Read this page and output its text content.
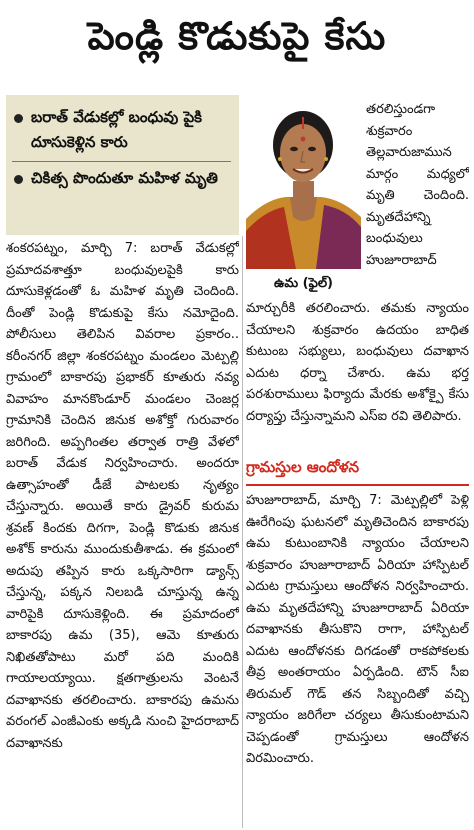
పెండ్లి కొడుకుపై కేసు
బరాత్ వేడుకల్లో బంధువు పైకి దూసుకెళ్లిన కారు
చికిత్స పొందుతూ మహిళ మృతి
ఉమ (ఫైల్)

తరలిస్తుండగా శుక్రవారం తెల్లవారుజామున మార్గం మధ్యలో మృతి చెందింది. మృతదేహాన్ని బంధువులు హుజూరాబాద్

మార్చురీకి తరలించారు. తమకు న్యాయం చేయాలని శుక్రవారం ఉదయం బాధిత కుటుంబ సభ్యులు, బంధువులు దవాఖాన ఎదుట ధర్నా చేశారు. ఉమ భర్త పరశురాములు ఫిర్యాదు మేరకు అశోక్పై కేసు దర్యాప్తు చేస్తున్నామని ఎస్ఐ రవి తెలిపారు.

గ్రామస్తుల ఆందోళన

హుజూరాబాద్, మార్చి 7: మెట్పల్లిలో పెళ్లి ఊరేగింపు ఘటనలో మృతిచెందిన బాకారపు ఉమ కుటుంబానికి న్యాయం చేయాలని శుక్రవారం హుజూరాబాద్ ఏరియా హాస్పిటల్ ఎదుట గ్రామస్తులు ఆందోళన నిర్వహించారు. ఉమ మృతదేహాన్ని హుజూరాబాద్ ఏరియా దవాఖానకు తీసుకొని రాగా, హాస్పిటల్ ఎదుట ఆందోళనకు దిగడంతో రాకపోకలకు తీవ్ర అంతరాయం ఏర్పడింది. టౌన్ సీఐ తిరుమల్ గౌడ్ తన సిబ్బందితో వచ్చి న్యాయం జరిగేలా చర్యలు తీసుకుంటామని చెప్పడంతో గ్రామస్తులు ఆందోళన విరమించారు.

శంకరపట్నం, మార్చి 7: బరాత్ వేడుకల్లో ప్రమాదవశాత్తూ బంధువులపైకి కారు దూసుకెళ్లడంతో ఓ మహిళ మృతి చెందింది. దీంతో పెండ్లి కొడుకుపై కేసు నమోదైంది. పోలీసులు తెలిపిన వివరాల ప్రకారం.. కరీంనగర్ జిల్లా శంకరపట్నం మండలం మెట్పల్లి గ్రామంలో బాకారపు ప్రభాకర్ కూతురు నవ్య వివాహం మానకొండూర్ మండలం చెంజర్ల గ్రామానికి చెందిన జినుక అశోక్తో గురువారం జరిగింది. అప్పగింతల తర్వాత రాత్రి వేళలో బరాత్ వేడుక నిర్వహించారు. అందరూ ఉత్సాహంతో డీజే పాటలకు నృత్యం చేస్తున్నారు. అయితే కారు డ్రైవర్ కురుమ శ్రవణ్ కిందకు దిగగా, పెండ్లి కొడుకు జినుక అశోక్ కారును ముందుకుతీశాడు. ఈ క్రమంలో అదుపు తప్పిన కారు ఒక్కసారిగా డ్యాన్స్ చేస్తున్న, పక్కన నిలబడి చూస్తున్న ఉన్న వారిపైకి దూసుకెళ్లింది. ఈ ప్రమాదంలో బాకారపు ఉమ (35), ఆమె కూతురు నిఖితతోపాటు మరో పది మందికి గాయాలయ్యాయి. క్షతగాత్రులను వెంటనే దవాఖానకు తరలించారు. బాకారపు ఉమను వరంగల్ ఎంజీఎంకు అక్కడి నుంచి హైదరాబాద్ దవాఖానకు
